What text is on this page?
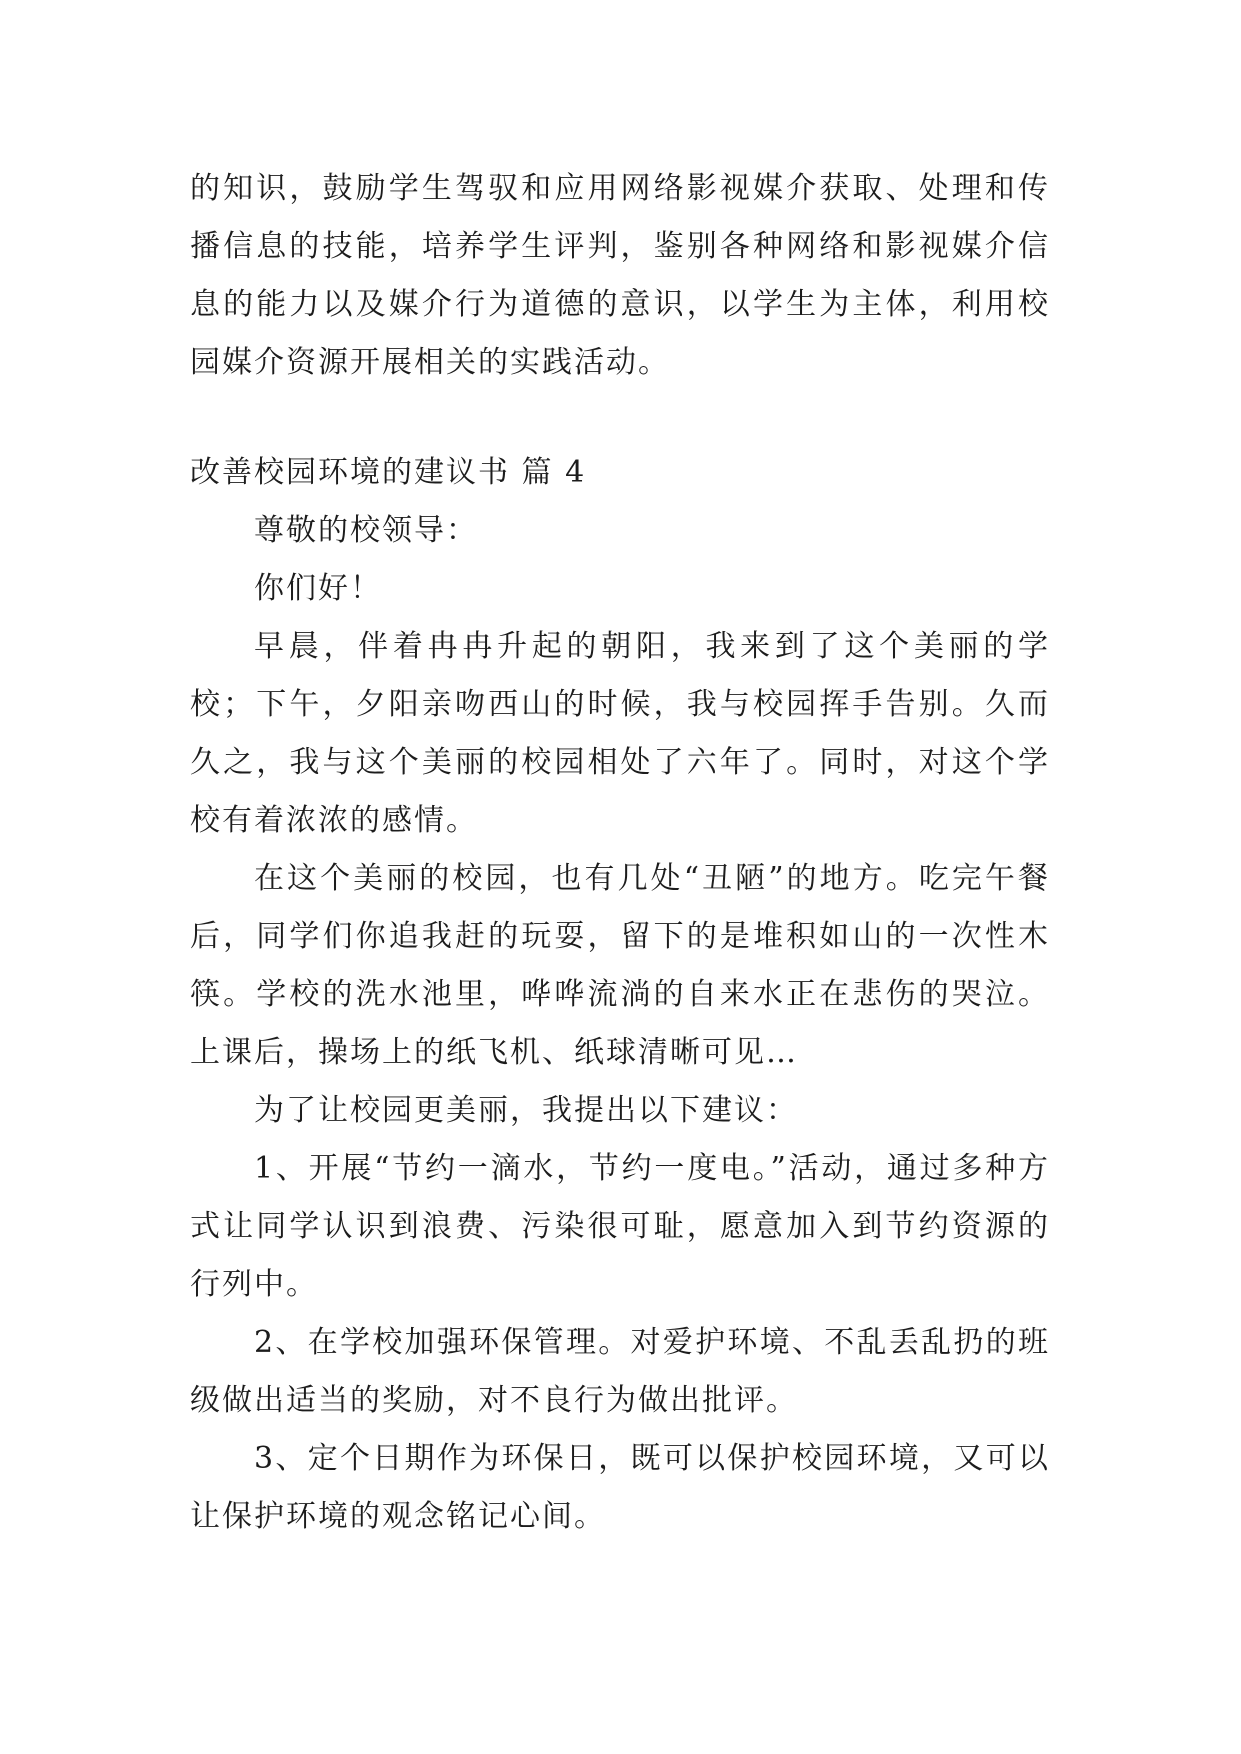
的知识，鼓励学生驾驭和应用网络影视媒介获取、处理和传播信息的技能，培养学生评判，鉴别各种网络和影视媒介信息的能力以及媒介行为道德的意识，以学生为主体，利用校园媒介资源开展相关的实践活动。

改善校园环境的建议书 篇 4

尊敬的校领导：

你们好！

早晨，伴着冉冉升起的朝阳，我来到了这个美丽的学校；下午，夕阳亲吻西山的时候，我与校园挥手告别。久而久之，我与这个美丽的校园相处了六年了。同时，对这个学校有着浓浓的感情。

在这个美丽的校园，也有几处“丑陋”的地方。吃完午餐后，同学们你追我赶的玩耍，留下的是堆积如山的一次性木筷。学校的洗水池里，哗哗流淌的自来水正在悲伤的哭泣。上课后，操场上的纸飞机、纸球清晰可见…

为了让校园更美丽，我提出以下建议：

1、开展“节约一滴水，节约一度电。”活动，通过多种方式让同学认识到浪费、污染很可耻，愿意加入到节约资源的行列中。

2、在学校加强环保管理。对爱护环境、不乱丢乱扔的班级做出适当的奖励，对不良行为做出批评。

3、定个日期作为环保日，既可以保护校园环境，又可以让保护环境的观念铭记心间。
